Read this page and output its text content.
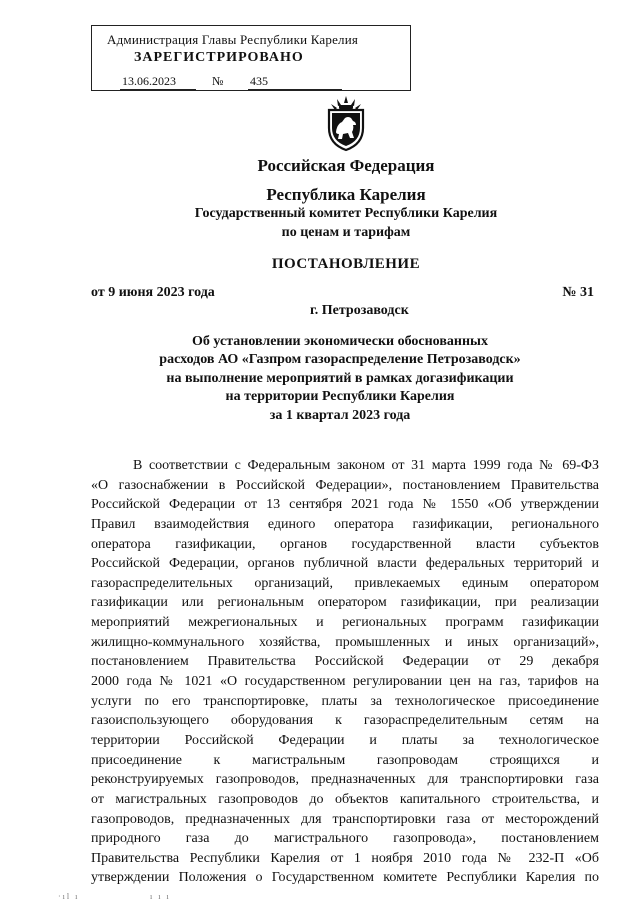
Администрация Главы Республики Карелия
ЗАРЕГИСТРИРОВАНО
13.06.2023	№ 435
Российская Федерация
Республика Карелия
Государственный комитет Республики Карелия
по ценам и тарифам
ПОСТАНОВЛЕНИЕ
от 9 июня 2023 года	№ 31
г. Петрозаводск
Об установлении экономически обоснованных
расходов АО «Газпром газораспределение Петрозаводск»
на выполнение мероприятий в рамках догазификации
на территории Республики Карелия
за 1 квартал 2023 года
В соответствии с Федеральным законом от 31 марта 1999 года № 69-ФЗ
«О газоснабжении в Российской Федерации», постановлением Правительства
Российской Федерации от 13 сентября 2021 года № 1550 «Об утверждении
Правил взаимодействия единого оператора газификации, регионального
оператора газификации, органов государственной власти субъектов
Российской Федерации, органов публичной власти федеральных территорий и
газораспределительных организаций, привлекаемых единым оператором
газификации или региональным оператором газификации, при реализации
мероприятий межрегиональных и региональных программ газификации
жилищно-коммунального хозяйства, промышленных и иных организаций»,
постановлением Правительства Российской Федерации от 29 декабря
2000 года № 1021 «О государственном регулировании цен на газ, тарифов на
услуги по его транспортировке, платы за технологическое присоединение
газоиспользующего оборудования к газораспределительным сетям на
территории Российской Федерации и платы за технологическое
присоединение к магистральным газопроводам строящихся и
реконструируемых газопроводов, предназначенных для транспортировки газа
от магистральных газопроводов до объектов капитального строительства, и
газопроводов, предназначенных для транспортировки газа от месторождений
природного газа до магистрального газопровода», постановлением
Правительства Республики Карелия от 1 ноября 2010 года № 232-П «Об
утверждении Положения о Государственном комитете Республики Карелия по
·ıl ı	ı ı ı
